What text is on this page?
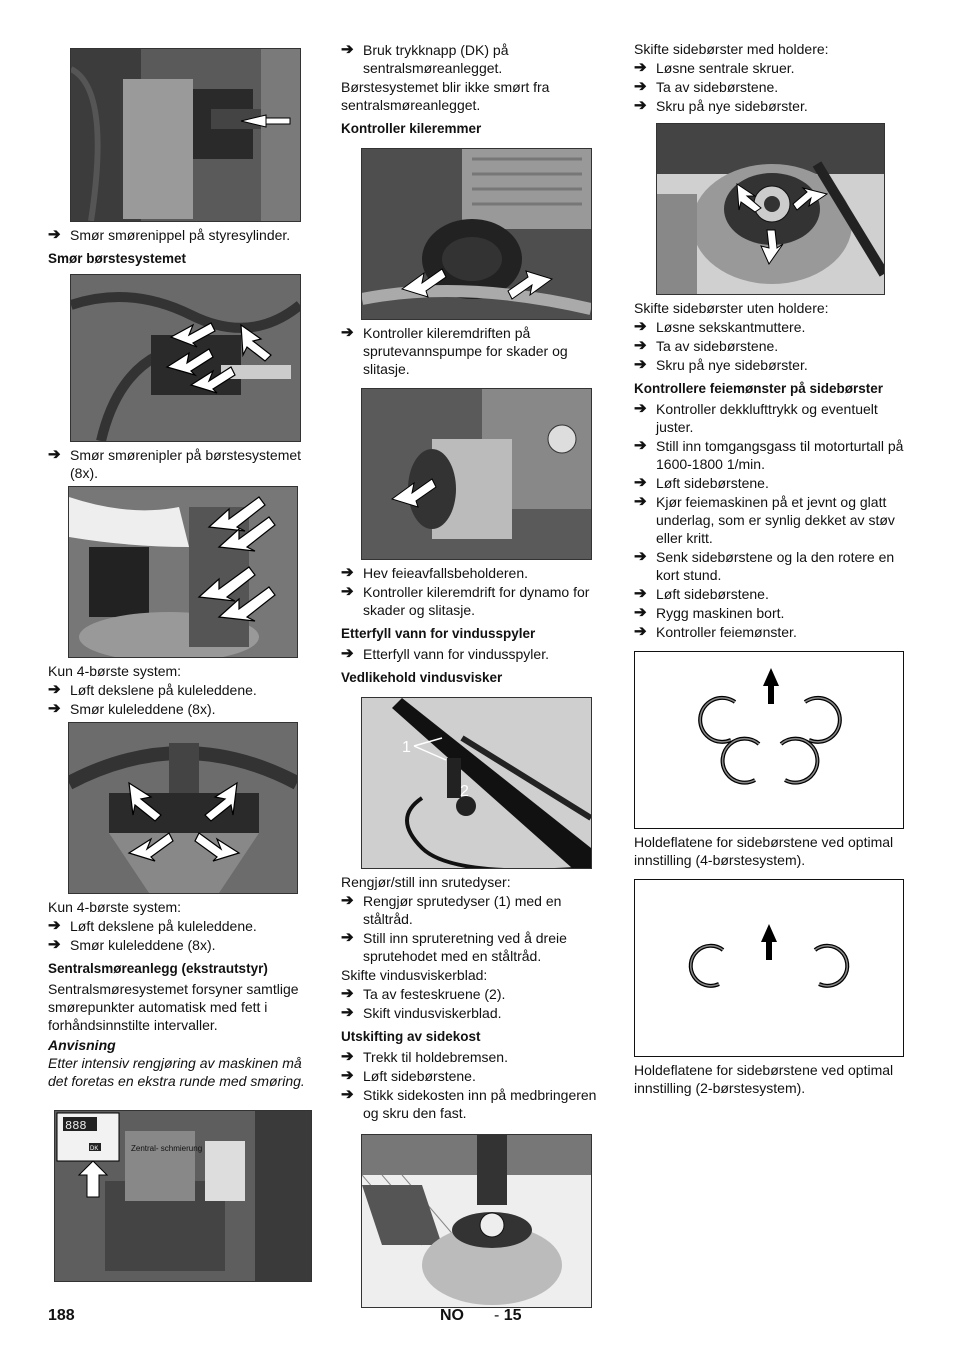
➔ Smør smørenippel på styresylinder.
Smør børstesystemet
➔ Smør smørenipler på børstesystemet (8x).
Kun 4-børste system:
➔ Løft dekslene på kuleleddene.
➔ Smør kuleleddene (8x).
Kun 4-børste system:
➔ Løft dekslene på kuleleddene.
➔ Smør kuleleddene (8x).
Sentralsmøreanlegg (ekstrautstyr)
Sentralsmøresystemet forsyner samtlige smørepunkter automatisk med fett i forhåndsinnstilte intervaller.
Anvisning
Etter intensiv rengjøring av maskinen må det foretas en ekstra runde med smøring.
888
DK	Zentral- schmierung
➔ Bruk trykknapp (DK) på sentralsmøreanlegget.
Børstesystemet blir ikke smørt fra sentralsmøreanlegget.
Kontroller kileremmer
➔ Kontroller kileremdriften på sprutevannspumpe for skader og slitasje.
➔ Hev feieavfallsbeholderen.
➔ Kontroller kileremdrift for dynamo for skader og slitasje.
Etterfyll vann for vindusspyler
➔ Etterfyll vann for vindusspyler.
Vedlikehold vindusvisker
1
2
Rengjør/still inn srutedyser:
➔ Rengjør sprutedyser (1) med en ståltråd.
➔ Still inn spruteretning ved å dreie sprutehodet med en ståltråd.
Skifte vindusviskerblad:
➔ Ta av festeskruene (2).
➔ Skift vindusviskerblad.
Utskifting av sidekost
➔ Trekk til holdebremsen.
➔ Løft sidebørstene.
➔ Stikk sidekosten inn på medbringeren og skru den fast.
Skifte sidebørster med holdere:
➔ Løsne sentrale skruer.
➔ Ta av sidebørstene.
➔ Skru på nye sidebørster.
Skifte sidebørster uten holdere:
➔ Løsne sekskantmuttere.
➔ Ta av sidebørstene.
➔ Skru på nye sidebørster.
Kontrollere feiemønster på sidebørster
➔ Kontroller dekklufttrykk og eventuelt juster.
➔ Still inn tomgangsgass til motorturtall på 1600-1800 1/min.
➔ Løft sidebørstene.
➔ Kjør feiemaskinen på et jevnt og glatt underlag, som er synlig dekket av støv eller kritt.
➔ Senk sidebørstene og la den rotere en kort stund.
➔ Løft sidebørstene.
➔ Rygg maskinen bort.
➔ Kontroller feiemønster.
Holdeflatene for sidebørstene ved optimal innstilling (4-børstesystem).
Holdeflatene for sidebørstene ved optimal innstilling (2-børstesystem).
188	NO - 15
